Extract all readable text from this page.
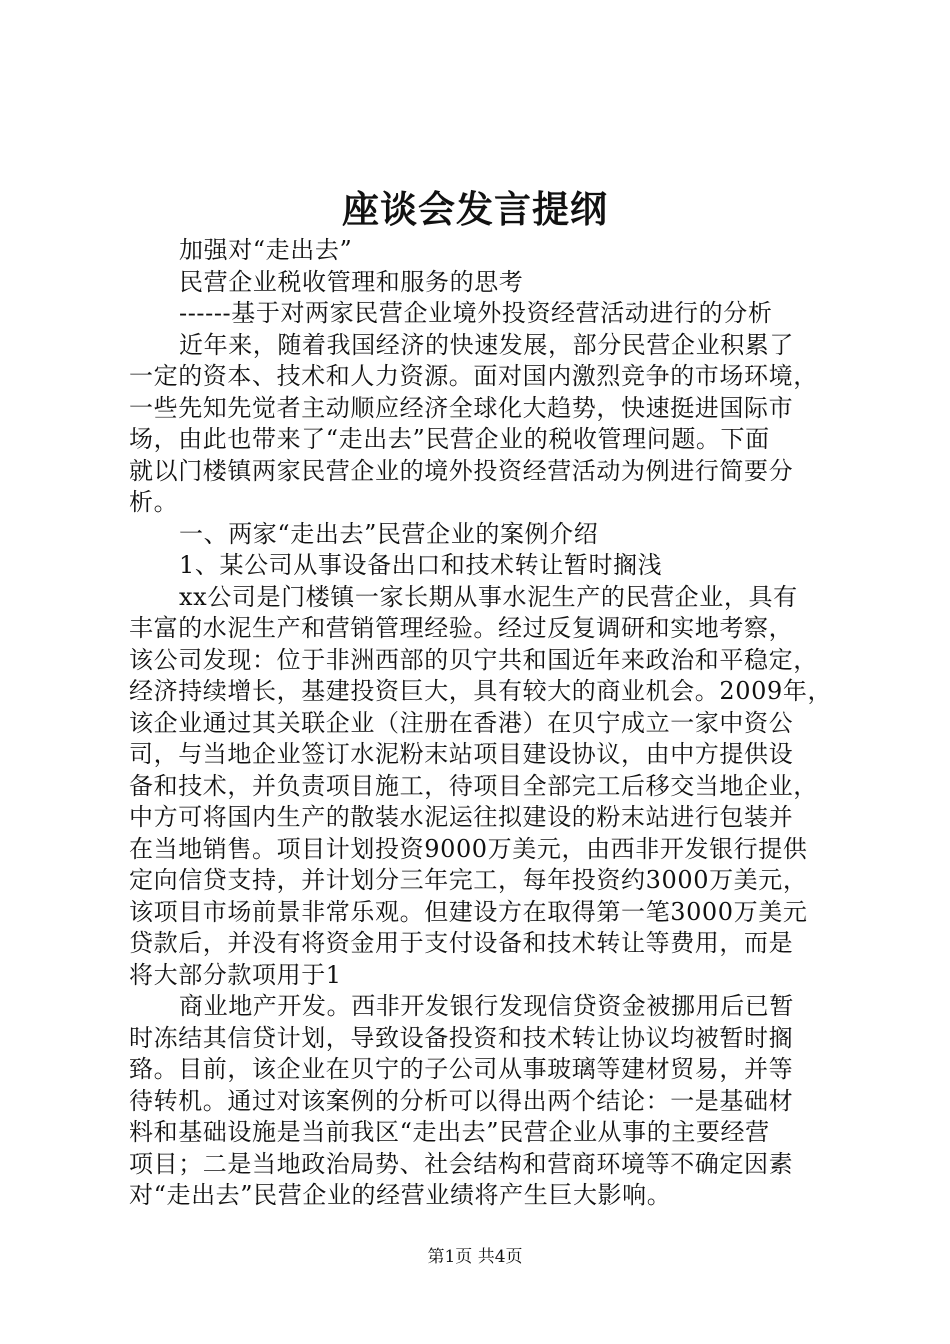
座谈会发言提纲
加强对“走出去”
民营企业税收管理和服务的思考
------基于对两家民营企业境外投资经营活动进行的分析
近年来，随着我国经济的快速发展，部分民营企业积累了
一定的资本、技术和人力资源。面对国内激烈竞争的市场环境，
一些先知先觉者主动顺应经济全球化大趋势，快速挺进国际市
场，由此也带来了“走出去”民营企业的税收管理问题。下面
就以门楼镇两家民营企业的境外投资经营活动为例进行简要分
析。
一、两家“走出去”民营企业的案例介绍
1、某公司从事设备出口和技术转让暂时搁浅
xx公司是门楼镇一家长期从事水泥生产的民营企业，具有
丰富的水泥生产和营销管理经验。经过反复调研和实地考察，
该公司发现：位于非洲西部的贝宁共和国近年来政治和平稳定，
经济持续增长，基建投资巨大，具有较大的商业机会。2009年，
该企业通过其关联企业（注册在香港）在贝宁成立一家中资公
司，与当地企业签订水泥粉末站项目建设协议，由中方提供设
备和技术，并负责项目施工，待项目全部完工后移交当地企业，
中方可将国内生产的散装水泥运往拟建设的粉末站进行包装并
在当地销售。项目计划投资9000万美元，由西非开发银行提供
定向信贷支持，并计划分三年完工，每年投资约3000万美元，
该项目市场前景非常乐观。但建设方在取得第一笔3000万美元
贷款后，并没有将资金用于支付设备和技术转让等费用，而是
将大部分款项用于1
商业地产开发。西非开发银行发现信贷资金被挪用后已暂
时冻结其信贷计划，导致设备投资和技术转让协议均被暂时搁
臵。目前，该企业在贝宁的子公司从事玻璃等建材贸易，并等
待转机。通过对该案例的分析可以得出两个结论：一是基础材
料和基础设施是当前我区“走出去”民营企业从事的主要经营
项目；二是当地政治局势、社会结构和营商环境等不确定因素
对“走出去”民营企业的经营业绩将产生巨大影响。
第1页 共4页
